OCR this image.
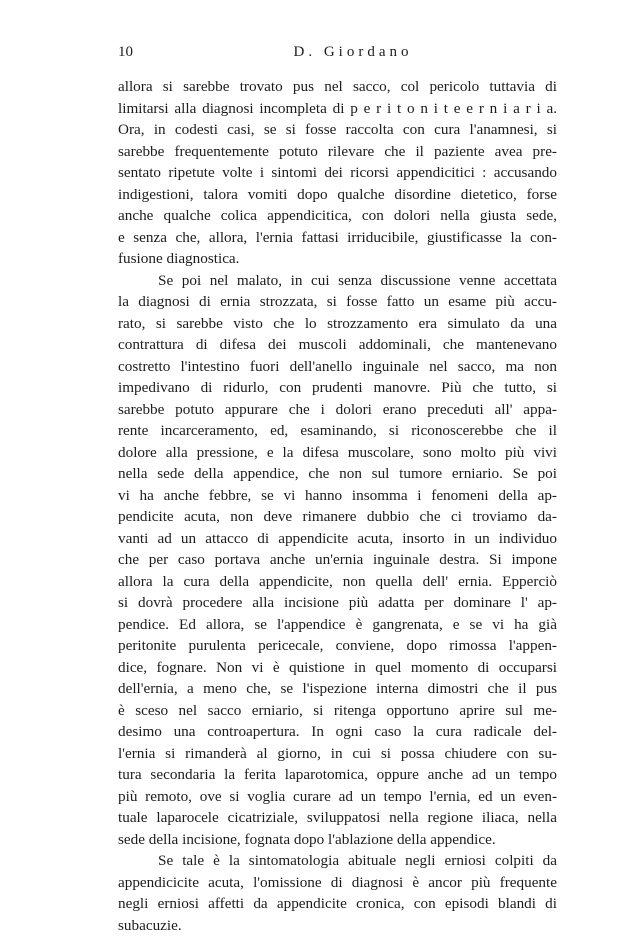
10	D. Giordano
allora si sarebbe trovato pus nel sacco, col pericolo tuttavia di
limitarsi alla diagnosi incompleta di p e r i t o n i t e e r n i a r i a.
Ora, in codesti casi, se si fosse raccolta con cura l'anamnesi, si
sarebbe frequentemente potuto rilevare che il paziente avea pre-
sentato ripetute volte i sintomi dei ricorsi appendicitici : accusando
indigestioni, talora vomiti dopo qualche disordine dietetico, forse
anche qualche colica appendicitica, con dolori nella giusta sede,
e senza che, allora, l'ernia fattasi irriducibile, giustificasse la con-
fusione diagnostica.
Se poi nel malato, in cui senza discussione venne accettata
la diagnosi di ernia strozzata, si fosse fatto un esame più accu-
rato, si sarebbe visto che lo strozzamento era simulato da una
contrattura di difesa dei muscoli addominali, che mantenevano
costretto l'intestino fuori dell'anello inguinale nel sacco, ma non
impedivano di ridurlo, con prudenti manovre. Più che tutto, si
sarebbe potuto appurare che i dolori erano preceduti all' appa-
rente incarceramento, ed, esaminando, si riconoscerebbe che il
dolore alla pressione, e la difesa muscolare, sono molto più vivi
nella sede della appendice, che non sul tumore erniario. Se poi
vi ha anche febbre, se vi hanno insomma i fenomeni della ap-
pendicite acuta, non deve rimanere dubbio che ci troviamo da-
vanti ad un attacco di appendicite acuta, insorto in un individuo
che per caso portava anche un'ernia inguinale destra. Si impone
allora la cura della appendicite, non quella dell' ernia. Epperciò
si dovrà procedere alla incisione più adatta per dominare l' ap-
pendice. Ed allora, se l'appendice è gangrenata, e se vi ha già
peritonite purulenta pericecale, conviene, dopo rimossa l'appen-
dice, fognare. Non vi è quistione in quel momento di occuparsi
dell'ernia, a meno che, se l'ispezione interna dimostri che il pus
è sceso nel sacco erniario, si ritenga opportuno aprire sul me-
desimo una controapertura. In ogni caso la cura radicale del-
l'ernia si rimanderà al giorno, in cui si possa chiudere con su-
tura secondaria la ferita laparotomica, oppure anche ad un tempo
più remoto, ove si voglia curare ad un tempo l'ernia, ed un even-
tuale laparocele cicatriziale, sviluppatosi nella regione iliaca, nella
sede della incisione, fognata dopo l'ablazione della appendice.
Se tale è la sintomatologia abituale negli erniosi colpiti da
appendicicite acuta, l'omissione di diagnosi è ancor più frequente
negli erniosi affetti da appendicite cronica, con episodi blandi di
subacuzie.
